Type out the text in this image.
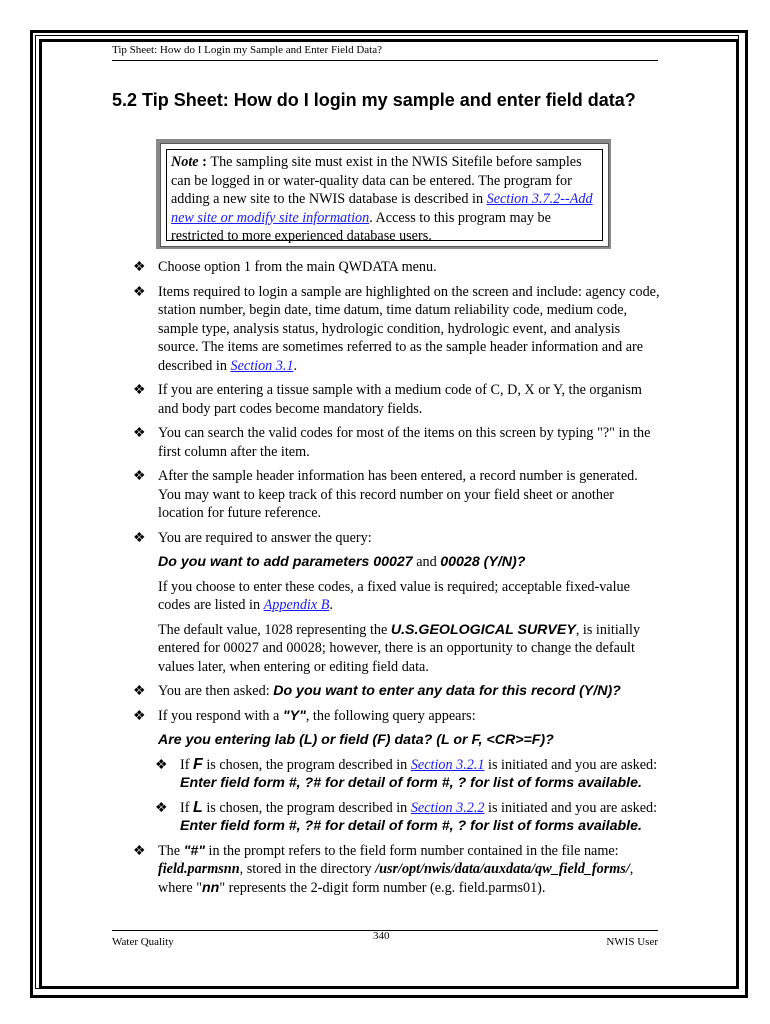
Tip Sheet: How do I Login my Sample and Enter Field Data?
5.2 Tip Sheet: How do I login my sample and enter field data?
Note : The sampling site must exist in the NWIS Sitefile before samples can be logged in or water-quality data can be entered. The program for adding a new site to the NWIS database is described in Section 3.7.2--Add new site or modify site information. Access to this program may be restricted to more experienced database users.
❖ Choose option 1 from the main QWDATA menu.
❖ Items required to login a sample are highlighted on the screen and include: agency code, station number, begin date, time datum, time datum reliability code, medium code, sample type, analysis status, hydrologic condition, hydrologic event, and analysis source. The items are sometimes referred to as the sample header information and are described in Section 3.1.
❖ If you are entering a tissue sample with a medium code of C, D, X or Y, the organism and body part codes become mandatory fields.
❖ You can search the valid codes for most of the items on this screen by typing "?" in the first column after the item.
❖ After the sample header information has been entered, a record number is generated. You may want to keep track of this record number on your field sheet or another location for future reference.
❖ You are required to answer the query:
Do you want to add parameters 00027 and 00028 (Y/N)?
If you choose to enter these codes, a fixed value is required; acceptable fixed-value codes are listed in Appendix B.
The default value, 1028 representing the U.S.GEOLOGICAL SURVEY, is initially entered for 00027 and 00028; however, there is an opportunity to change the default values later, when entering or editing field data.
❖ You are then asked: Do you want to enter any data for this record (Y/N)?
❖ If you respond with a "Y", the following query appears:
Are you entering lab (L) or field (F) data? (L or F, <CR>=F)?
❖ If F is chosen, the program described in Section 3.2.1 is initiated and you are asked: Enter field form #, ?# for detail of form #, ? for list of forms available.
❖ If L is chosen, the program described in Section 3.2.2 is initiated and you are asked: Enter field form #, ?# for detail of form #, ? for list of forms available.
❖ The "#" in the prompt refers to the field form number contained in the file name: field.parmsnn, stored in the directory /usr/opt/nwis/data/auxdata/qw_field_forms/, where "nn" represents the 2-digit form number (e.g. field.parms01).
Water Quality	340	NWIS User
